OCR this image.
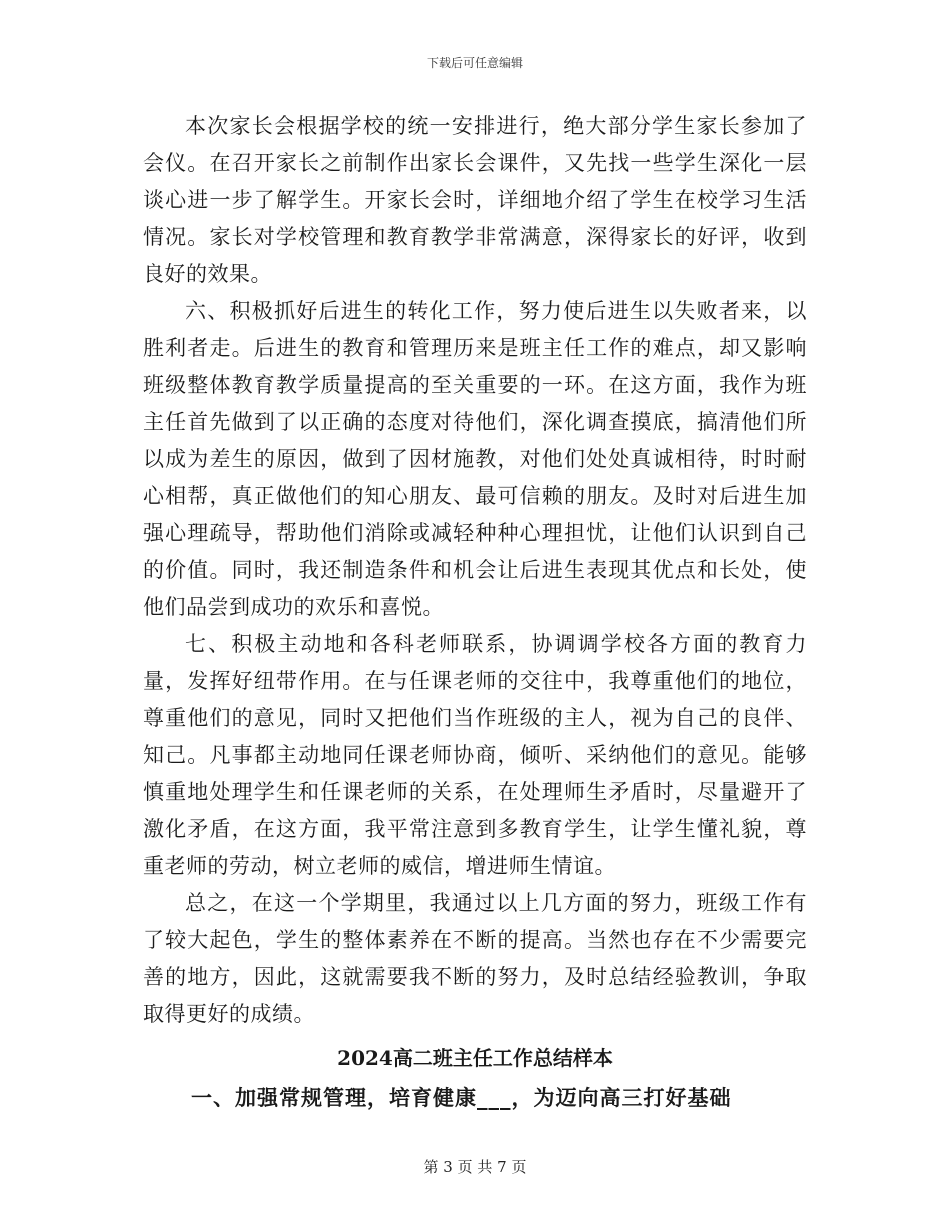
下载后可任意编辑

本次家长会根据学校的统一安排进行，绝大部分学生家长参加了会仪。在召开家长之前制作出家长会课件，又先找一些学生深化一层谈心进一步了解学生。开家长会时，详细地介绍了学生在校学习生活情况。家长对学校管理和教育教学非常满意，深得家长的好评，收到良好的效果。

六、积极抓好后进生的转化工作，努力使后进生以失败者来，以胜利者走。后进生的教育和管理历来是班主任工作的难点，却又影响班级整体教育教学质量提高的至关重要的一环。在这方面，我作为班主任首先做到了以正确的态度对待他们，深化调查摸底，搞清他们所以成为差生的原因，做到了因材施教，对他们处处真诚相待，时时耐心相帮，真正做他们的知心朋友、最可信赖的朋友。及时对后进生加强心理疏导，帮助他们消除或减轻种种心理担忧，让他们认识到自己的价值。同时，我还制造条件和机会让后进生表现其优点和长处，使他们品尝到成功的欢乐和喜悦。

七、积极主动地和各科老师联系，协调调学校各方面的教育力量，发挥好纽带作用。在与任课老师的交往中，我尊重他们的地位，尊重他们的意见，同时又把他们当作班级的主人，视为自己的良伴、知己。凡事都主动地同任课老师协商，倾听、采纳他们的意见。能够慎重地处理学生和任课老师的关系，在处理师生矛盾时，尽量避开了激化矛盾，在这方面，我平常注意到多教育学生，让学生懂礼貌，尊重老师的劳动，树立老师的威信，增进师生情谊。

总之，在这一个学期里，我通过以上几方面的努力，班级工作有了较大起色，学生的整体素养在不断的提高。当然也存在不少需要完善的地方，因此，这就需要我不断的努力，及时总结经验教训，争取取得更好的成绩。

2024高二班主任工作总结样本
一、加强常规管理，培育健康___，为迈向高三打好基础
第 3 页 共 7 页
